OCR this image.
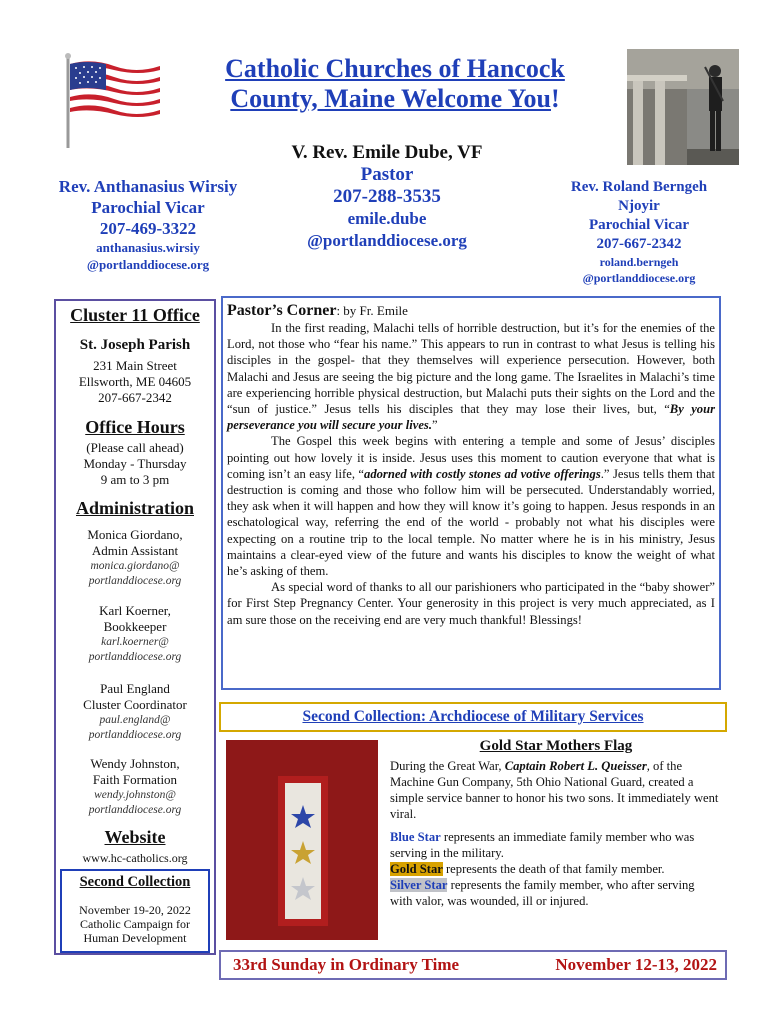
Catholic Churches of Hancock
County, Maine Welcome You!
V. Rev. Emile Dube, VF
Pastor
207-288-3535
emile.dube
@portlanddiocese.org
Rev. Anthanasius Wirsiy
Parochial Vicar
207-469-3322
anthanasius.wirsiy
@portlanddiocese.org
Rev. Roland Berngeh
Njoyir
Parochial Vicar
207-667-2342
roland.berngeh
@portlanddiocese.org
Cluster 11 Office
St. Joseph Parish
231 Main Street
Ellsworth, ME 04605
207-667-2342
Office Hours
(Please call ahead)
Monday - Thursday
9 am to 3 pm
Administration
Monica Giordano,
Admin Assistant
monica.giordano@
portlanddiocese.org
Karl Koerner,
Bookkeeper
karl.koerner@
portlanddiocese.org
Paul England
Cluster Coordinator
paul.england@
portlanddiocese.org
Wendy Johnston,
Faith Formation
wendy.johnston@
portlanddiocese.org
Website
www.hc-catholics.org
Second Collection
November 19-20, 2022
Catholic Campaign for
Human Development
Pastor’s Corner: by Fr. Emile

In the first reading, Malachi tells of horrible destruction, but it’s for the enemies of the Lord, not those who “fear his name.” This appears to run in contrast to what Jesus is telling his disciples in the gospel- that they themselves will experience persecution. However, both Malachi and Jesus are seeing the big picture and the long game. The Israelites in Malachi’s time are experiencing horrible physical destruction, but Malachi puts their sights on the Lord and the “sun of justice.” Jesus tells his disciples that they may lose their lives, but, “By your perseverance you will secure your lives.”

The Gospel this week begins with entering a temple and some of Jesus’ disciples pointing out how lovely it is inside. Jesus uses this moment to caution everyone that what is coming isn’t an easy life, “adorned with costly stones ad votive offerings.” Jesus tells them that destruction is coming and those who follow him will be persecuted. Understandably worried, they ask when it will happen and how they will know it’s going to happen. Jesus responds in an eschatological way, referring the end of the world - probably not what his disciples were expecting on a routine trip to the local temple. No matter where he is in his ministry, Jesus maintains a clear-eyed view of the future and wants his disciples to know the weight of what he’s asking of them.

As special word of thanks to all our parishioners who participated in the “baby shower” for First Step Pregnancy Center. Your generosity in this project is very much appreciated, as I am sure those on the receiving end are very much thankful! Blessings!

Second Collection: Archdiocese of Military Services
Gold Star Mothers Flag

During the Great War, Captain Robert L. Queisser, of the Machine Gun Company, 5th Ohio National Guard, created a simple service banner to honor his two sons. It immediately went viral.

Blue Star represents an immediate family member who was serving in the military.
Gold Star represents the death of that family member.
Silver Star represents the family member, who after serving with valor, was wounded, ill or injured.

33rd Sunday in Ordinary Time	November 12-13, 2022
